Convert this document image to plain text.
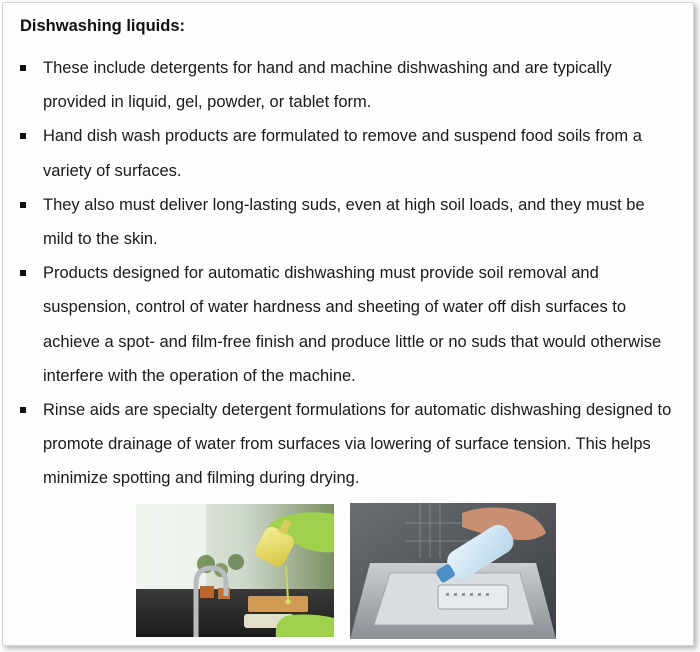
Dishwashing liquids:
These include detergents for hand and machine dishwashing and are typically provided in liquid, gel, powder, or tablet form.
Hand dish wash products are formulated to remove and suspend food soils from a variety of surfaces.
They also must deliver long-lasting suds, even at high soil loads, and they must be mild to the skin.
Products designed for automatic dishwashing must provide soil removal and suspension, control of water hardness and sheeting of water off dish surfaces to achieve a spot- and film-free finish and produce little or no suds that would otherwise interfere with the operation of the machine.
Rinse aids are specialty detergent formulations for automatic dishwashing designed to promote drainage of water from surfaces via lowering of surface tension. This helps minimize spotting and filming during drying.
